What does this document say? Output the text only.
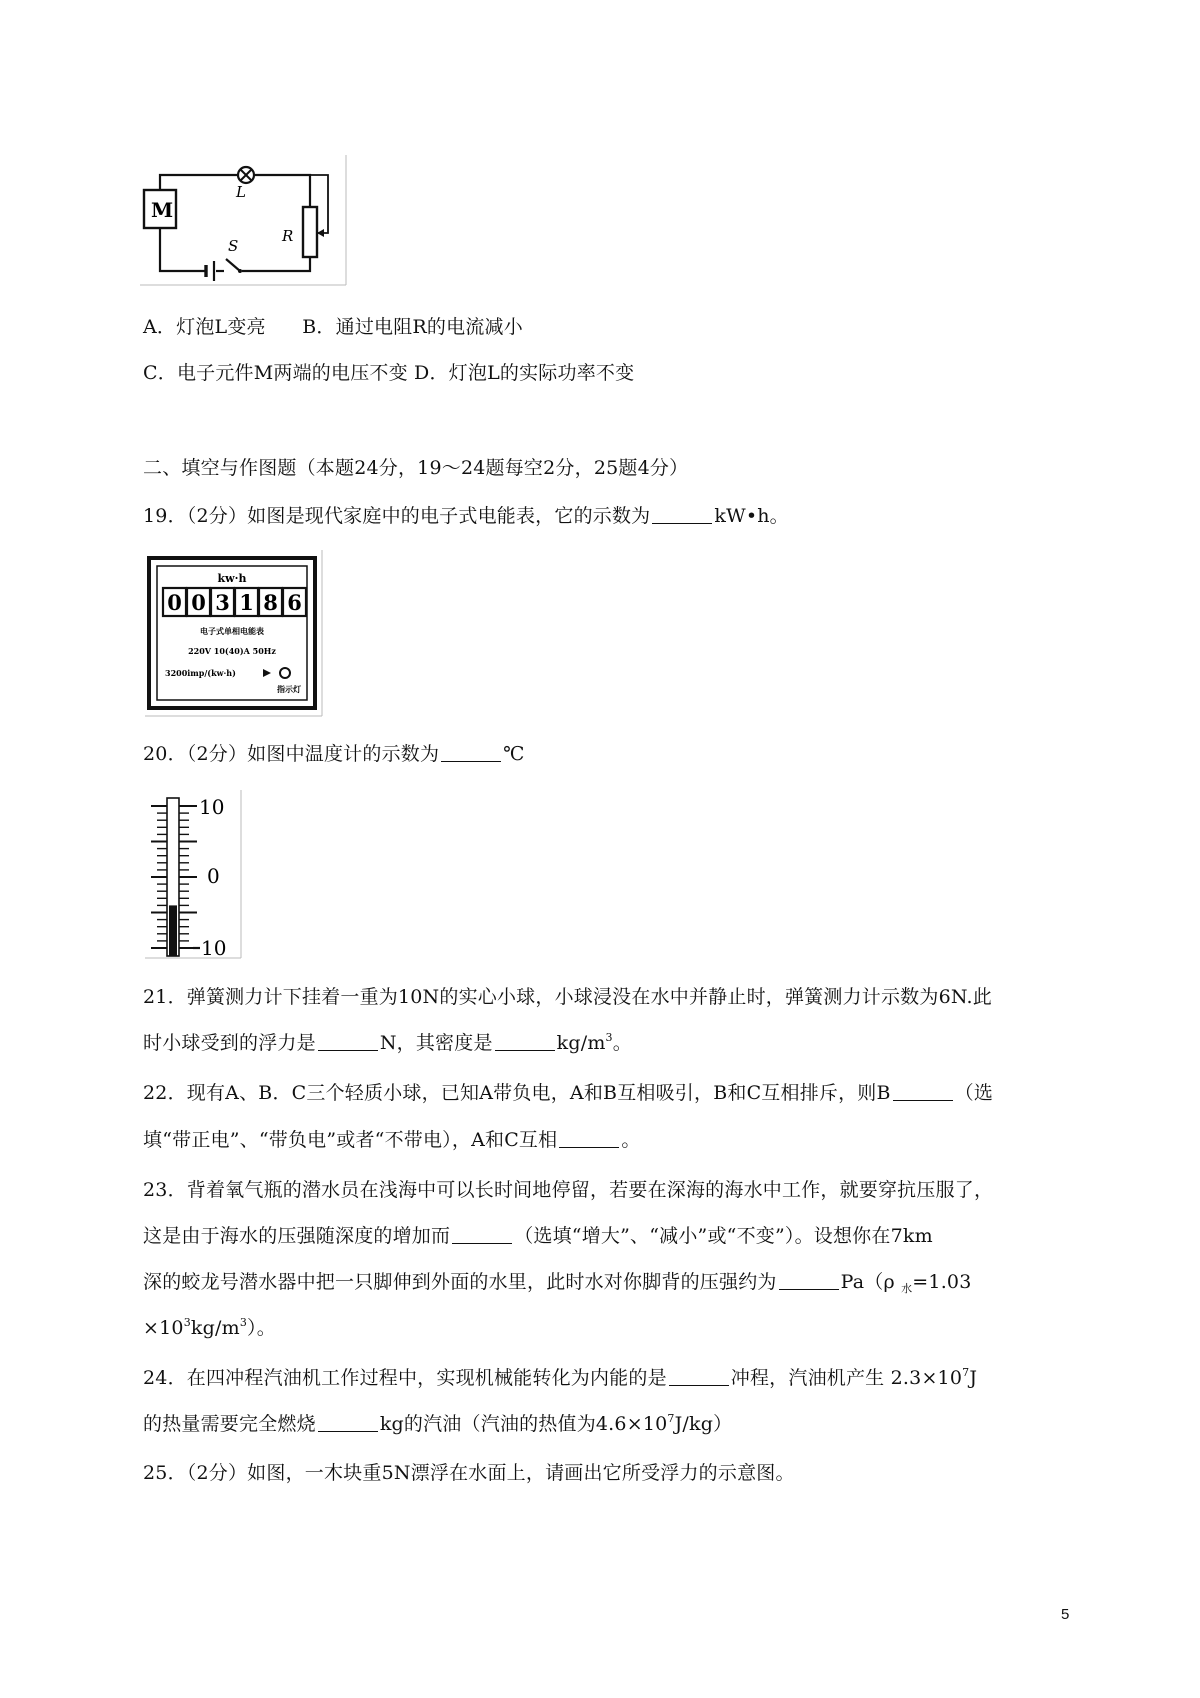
M
L
R
S
A．灯泡L变亮 B．通过电阻R的电流减小
C．电子元件M两端的电压不变 D．灯泡L的实际功率不变
二、填空与作图题（本题24分，19～24题每空2分，25题4分）
19．（2分）如图是现代家庭中的电子式电能表，它的示数为	kW•h。
kw·h
0 0 3 1 8 6
电子式单相电能表
220V 10(40)A 50Hz
3200imp/(kw·h)
指示灯
20．（2分）如图中温度计的示数为	℃
10
0
10
21．弹簧测力计下挂着一重为10N的实心小球，小球浸没在水中并静止时，弹簧测力计示数为6N.此
时小球受到的浮力是	N，其密度是	$kg/m^3$。
22．现有A、B．C三个轻质小球，已知A带负电，A和B互相吸引，B和C互相排斥，则B	（选
填“带正电”、“带负电”或者“不带电），A和C互相	。
23．背着氧气瓶的潜水员在浅海中可以长时间地停留，若要在深海的海水中工作，就要穿抗压服了，
这是由于海水的压强随深度的增加而	（选填“增大”、“减小”或“不变”）。设想你在7km
深的蛟龙号潜水器中把一只脚伸到外面的水里，此时水对你脚背的压强约为	Pa（ρ $_水$=1.03
$\times 10^3kg/m^3$）。
24．在四冲程汽油机工作过程中，实现机械能转化为内能的是	冲程，汽油机产生 $2.3\times 10^7J$
的热量需要完全燃烧	kg的汽油（汽油的热值为$4.6\times 10^7J/kg$）
25．（2分）如图，一木块重5N漂浮在水面上，请画出它所受浮力的示意图。
5
